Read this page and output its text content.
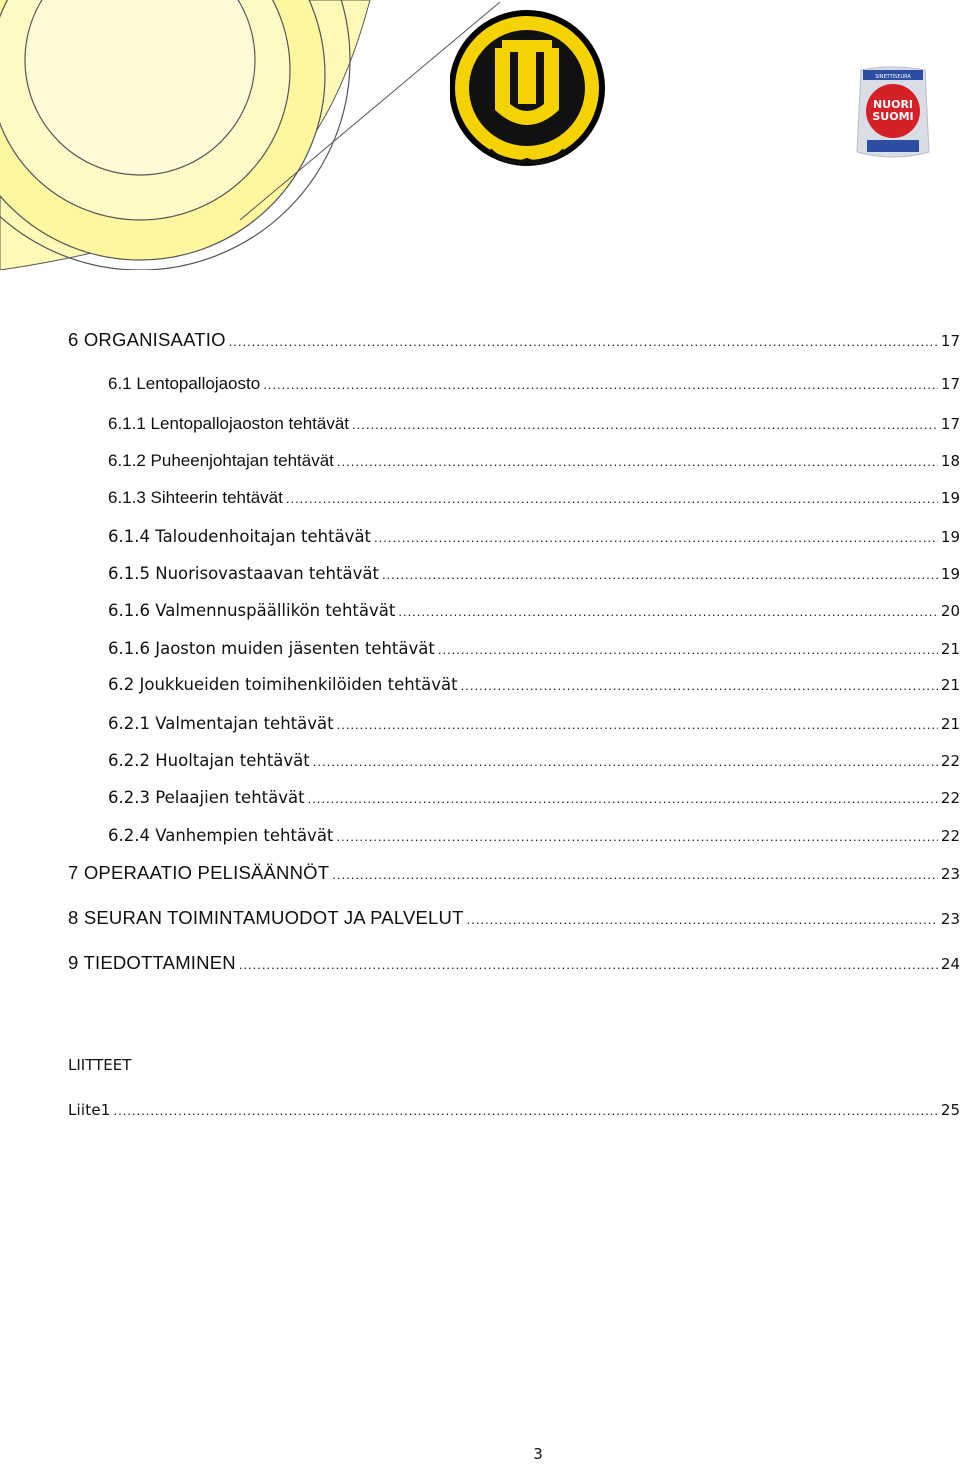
1932
SINETTISEURA
NUORI
SUOMI
6 ORGANISAATIO .....	17
6.1 Lentopallojaosto .....	17
6.1.1 Lentopallojaoston tehtävät .....	17
6.1.2 Puheenjohtajan tehtävät .....	18
6.1.3 Sihteerin tehtävät .....	19
6.1.4 Taloudenhoitajan tehtävät .....	19
6.1.5 Nuorisovastaavan tehtävät .....	19
6.1.6 Valmennuspäällikön tehtävät .....	20
6.1.6 Jaoston muiden jäsenten tehtävät .....	21
6.2 Joukkueiden toimihenkilöiden tehtävät .....	21
6.2.1 Valmentajan tehtävät .....	21
6.2.2 Huoltajan tehtävät .....	22
6.2.3 Pelaajien tehtävät .....	22
6.2.4 Vanhempien tehtävät .....	22
7 OPERAATIO PELISÄÄNNÖT .....	23
8 SEURAN TOIMINTAMUODOT JA PALVELUT .....	23
9 TIEDOTTAMINEN .....	24
LIITTEET
Liite1 .....	25
3
